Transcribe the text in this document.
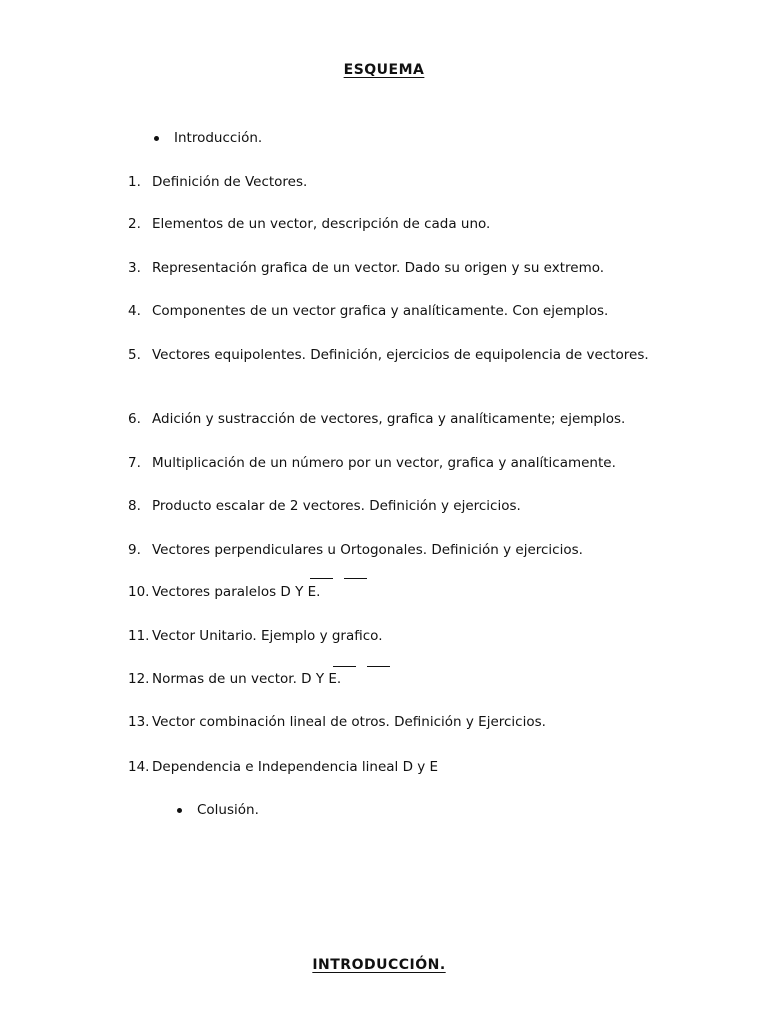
ESQUEMA
Introducción.
1. Definición de Vectores.
2. Elementos de un vector, descripción de cada uno.
3. Representación grafica de un vector. Dado su origen y su extremo.
4. Componentes de un vector grafica y analíticamente. Con ejemplos.
5. Vectores equipolentes. Definición, ejercicios de equipolencia de vectores.
6. Adición y sustracción de vectores, grafica y analíticamente; ejemplos.
7. Multiplicación de un número por un vector, grafica y analíticamente.
8. Producto escalar de 2 vectores. Definición y ejercicios.
9. Vectores perpendiculares u Ortogonales. Definición y ejercicios.
10. Vectores paralelos D Y E.
11. Vector Unitario. Ejemplo y grafico.
12. Normas de un vector. D Y E.
13. Vector combinación lineal de otros. Definición y Ejercicios.
14. Dependencia e Independencia lineal D y E
Colusión.
INTRODUCCIÓN.
